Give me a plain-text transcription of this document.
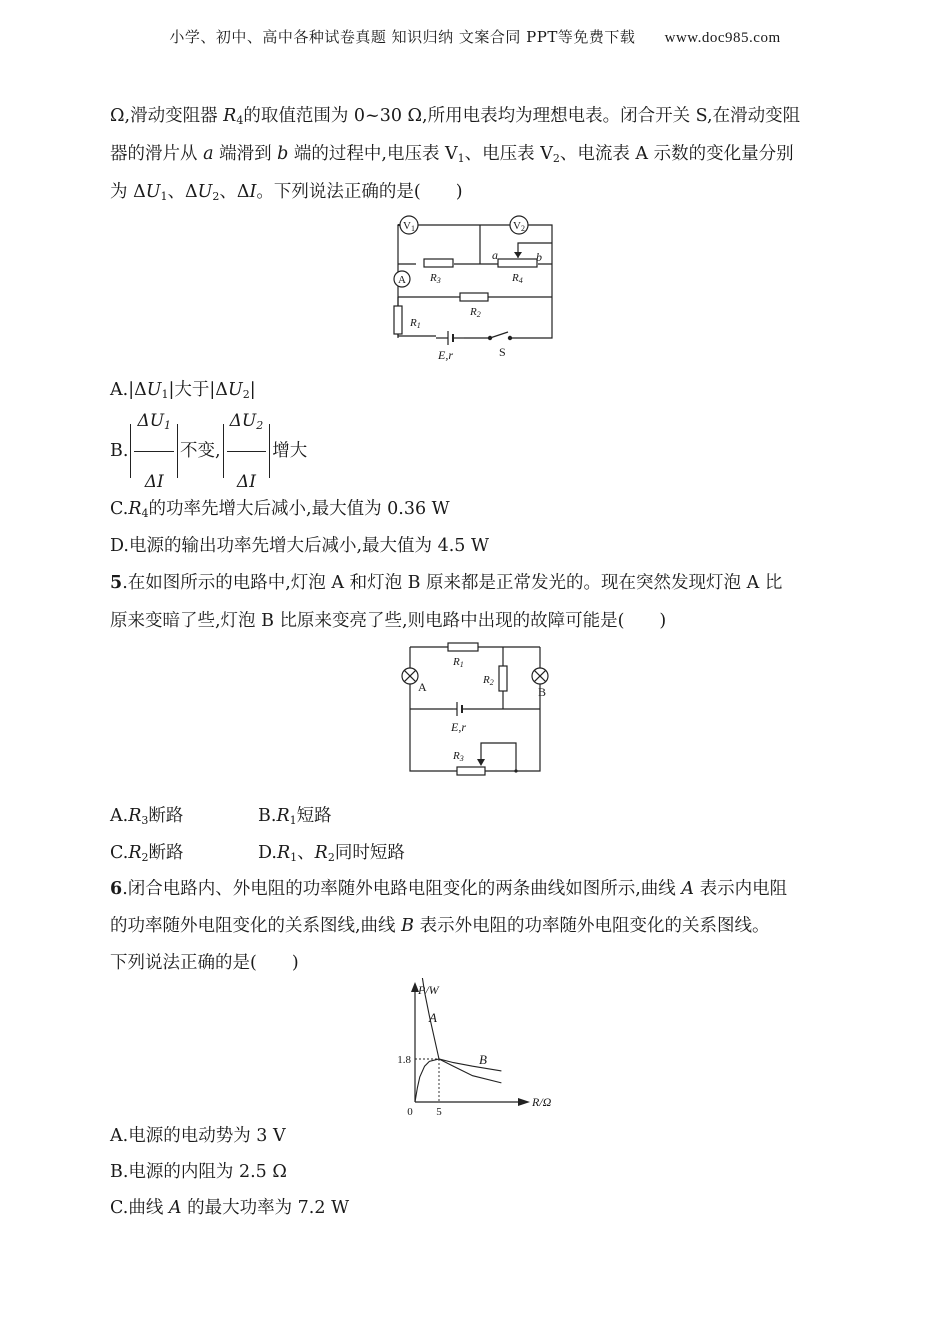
小学、初中、高中各种试卷真题 知识归纳 文案合同 PPT等免费下载 www.doc985.com
Ω,滑动变阻器 $R_4$的取值范围为 0~30 Ω,所用电表均为理想电表。闭合开关 S,在滑动变阻
器的滑片从 a 端滑到 b 端的过程中,电压表 $V_1$、电压表 $V_2$、电流表 A 示数的变化量分别
为 $\Delta U_1$、$\Delta U_2$、ΔI。下列说法正确的是(　　)
V1	V2
A R3	R4
R2
R1
a	b
E,r	S
$A.|\Delta U_1|$大于$|\Delta U_2|$
B. $\frac{\Delta U_1}{\Delta I}$ 不变, $\frac{\Delta U_2}{\Delta I}$ 增大
$C.R_4$的功率先增大后减小,最大值为 0.36 W
D.电源的输出功率先增大后减小,最大值为 4.5 W
5.在如图所示的电路中,灯泡 A 和灯泡 B 原来都是正常发光的。现在突然发现灯泡 A 比
原来变暗了些,灯泡 B 比原来变亮了些,则电路中出现的故障可能是(　　)
R1
R2
R3
A	B
E,r
$A.R_3$断路	$B.R_1$短路
$C.R_2$断路	$D.R_1$、$R_2$同时短路
6.闭合电路内、外电阻的功率随外电路电阻变化的两条曲线如图所示,曲线 A 表示内电阻
的功率随外电阻变化的关系图线,曲线 B 表示外电阻的功率随外电阻变化的关系图线。
下列说法正确的是(　　)
P/W
R/Ω
0 5
1.8
A
B
A.电源的电动势为 3 V
B.电源的内阻为 2.5 Ω
C.曲线 A 的最大功率为 7.2 W
